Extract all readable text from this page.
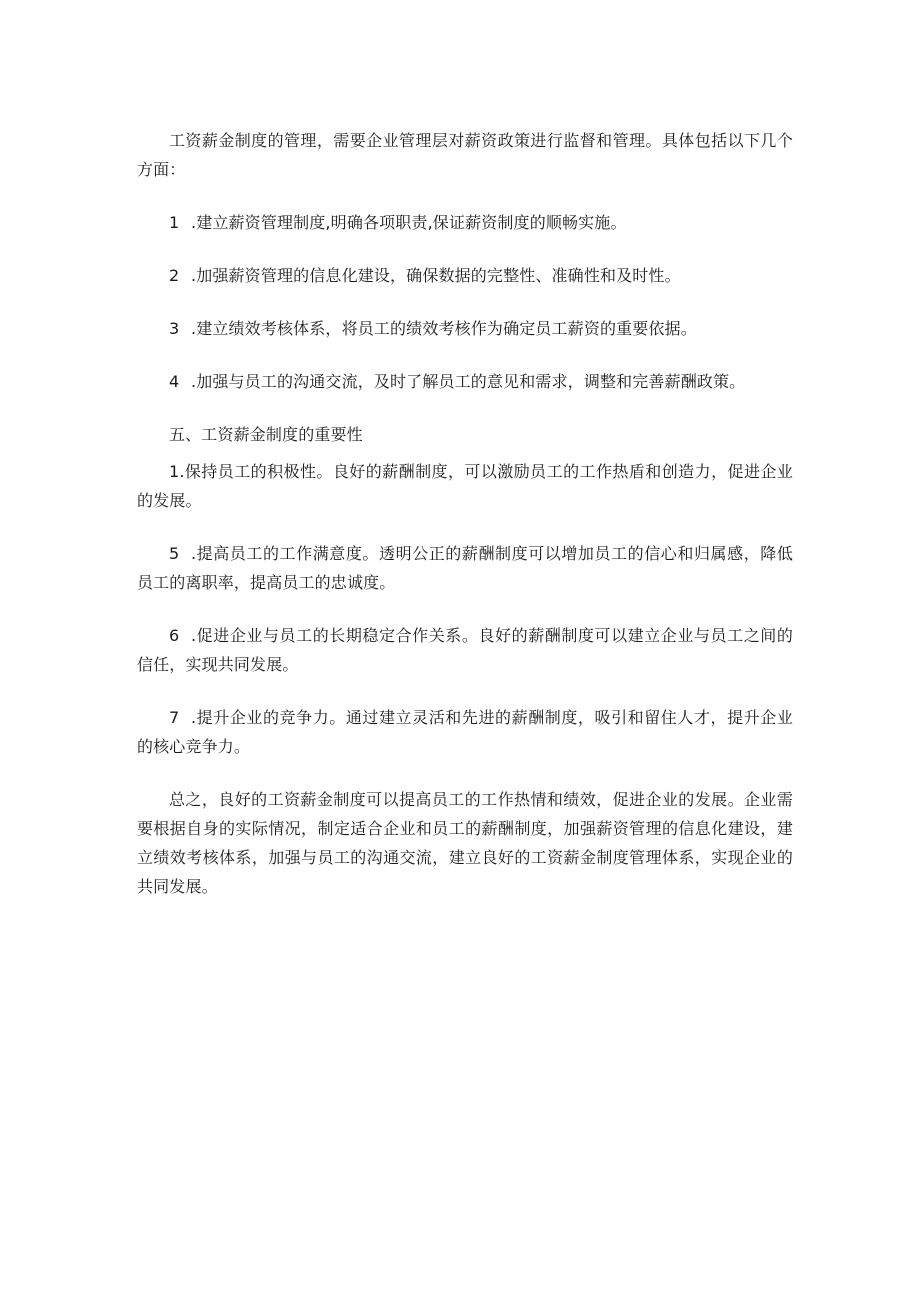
工资薪金制度的管理，需要企业管理层对薪资政策进行监督和管理。具体包括以下几个方面：

1 .建立薪资管理制度,明确各项职责,保证薪资制度的顺畅实施。

2 .加强薪资管理的信息化建设，确保数据的完整性、准确性和及时性。

3 .建立绩效考核体系，将员工的绩效考核作为确定员工薪资的重要依据。

4 .加强与员工的沟通交流，及时了解员工的意见和需求，调整和完善薪酬政策。

五、工资薪金制度的重要性

1.保持员工的积极性。良好的薪酬制度，可以激励员工的工作热盾和创造力，促进企业的发展。

5 .提高员工的工作满意度。透明公正的薪酬制度可以增加员工的信心和归属感，降低员工的离职率，提高员工的忠诚度。

6 .促进企业与员工的长期稳定合作关系。良好的薪酬制度可以建立企业与员工之间的信任，实现共同发展。

7 .提升企业的竞争力。通过建立灵活和先进的薪酬制度，吸引和留住人才，提升企业的核心竞争力。

总之，良好的工资薪金制度可以提高员工的工作热情和绩效，促进企业的发展。企业需要根据自身的实际情况，制定适合企业和员工的薪酬制度，加强薪资管理的信息化建设，建立绩效考核体系，加强与员工的沟通交流，建立良好的工资薪金制度管理体系，实现企业的共同发展。
